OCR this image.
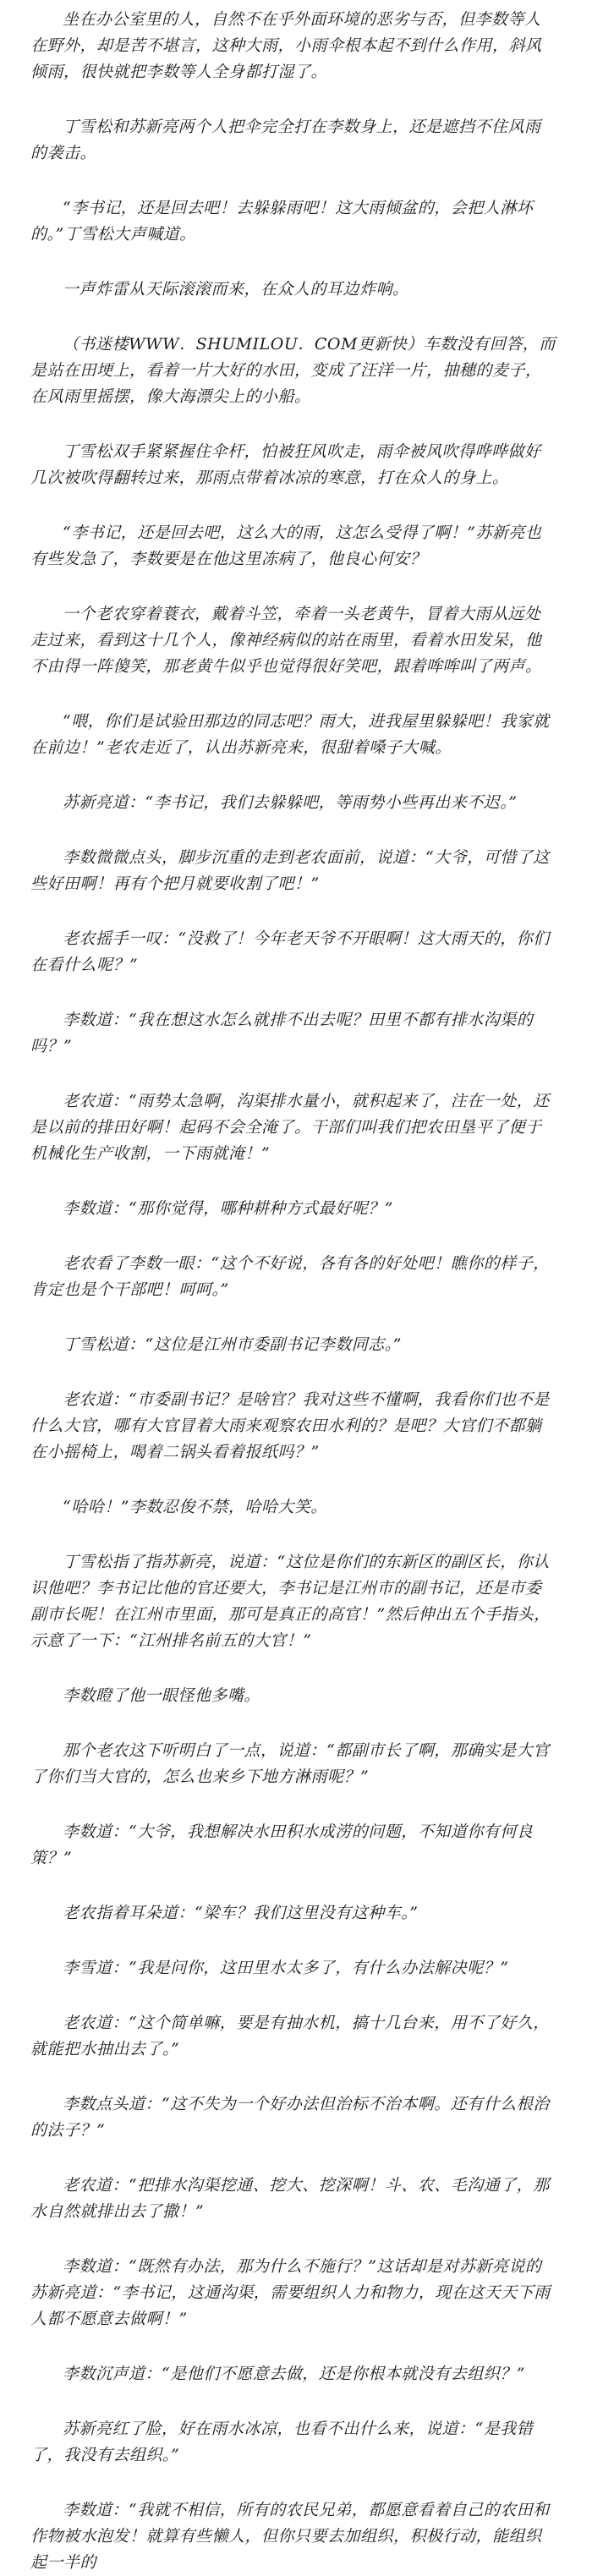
坐在办公室里的人，自然不在乎外面环境的恶劣与否，但李数等人在野外，却是苦不堪言，这种大雨，小雨伞根本起不到什么作用，斜风倾雨，很快就把李数等人全身都打湿了。

丁雪松和苏新亮两个人把伞完全打在李数身上，还是遮挡不住风雨的袭击。

“李书记，还是回去吧！去躲躲雨吧！这大雨倾盆的，会把人淋坏的。”丁雪松大声喊道。

一声炸雷从天际滚滚而来，在众人的耳边炸响。

（书迷楼WWW．SHUMILOU．COM更新快）车数没有回答，而是站在田埂上，看着一片大好的水田，变成了汪洋一片，抽穗的麦子，在风雨里摇摆，像大海漂尖上的小船。

丁雪松双手紧紧握住伞杆，怕被狂风吹走，雨伞被风吹得哗哗做好几次被吹得翻转过来，那雨点带着冰凉的寒意，打在众人的身上。

“李书记，还是回去吧，这么大的雨，这怎么受得了啊！”苏新亮也有些发急了，李数要是在他这里冻病了，他良心何安？

一个老农穿着蓑衣，戴着斗笠，牵着一头老黄牛，冒着大雨从远处走过来，看到这十几个人，像神经病似的站在雨里，看着水田发呆，他不由得一阵傻笑，那老黄牛似乎也觉得很好笑吧，跟着哞哞叫了两声。

“喂，你们是试验田那边的同志吧？雨大，进我屋里躲躲吧！我家就在前边！”老农走近了，认出苏新亮来，很甜着嗓子大喊。

苏新亮道：“李书记，我们去躲躲吧，等雨势小些再出来不迟。”

李数微微点头，脚步沉重的走到老农面前，说道：“大爷，可惜了这些好田啊！再有个把月就要收割了吧！”

老农摇手一叹：“没救了！今年老天爷不开眼啊！这大雨天的，你们在看什么呢？”

李数道：“我在想这水怎么就排不出去呢？田里不都有排水沟渠的吗？”

老农道：“雨势太急啊，沟渠排水量小，就积起来了，注在一处，还是以前的排田好啊！起码不会全淹了。干部们叫我们把农田垦平了便于机械化生产收割，一下雨就淹！”

李数道：“那你觉得，哪种耕种方式最好呢？”

老农看了李数一眼：“这个不好说，各有各的好处吧！瞧你的样子，肯定也是个干部吧！呵呵。”

丁雪松道：“这位是江州市委副书记李数同志。”

老农道：“市委副书记？是啥官？我对这些不懂啊，我看你们也不是什么大官，哪有大官冒着大雨来观察农田水利的？是吧？大官们不都躺在小摇椅上，喝着二锅头看着报纸吗？”

“哈哈！”李数忍俊不禁，哈哈大笑。

丁雪松指了指苏新亮，说道：“这位是你们的东新区的副区长，你认识他吧？李书记比他的官还要大，李书记是江州市的副书记，还是市委副市长呢！在江州市里面，那可是真正的高官！”然后伸出五个手指头，示意了一下：“江州排名前五的大官！”

李数瞪了他一眼怪他多嘴。

那个老农这下听明白了一点，说道：“都副市长了啊，那确实是大官了你们当大官的，怎么也来乡下地方淋雨呢？”

李数道：“大爷，我想解决水田积水成涝的问题，不知道你有何良策？”

老农指着耳朵道：“梁车？我们这里没有这种车。”

李雪道：“我是问你，这田里水太多了，有什么办法解决呢？”

老农道：“这个简单嘛，要是有抽水机，搞十几台来，用不了好久，就能把水抽出去了。”

李数点头道：“这不失为一个好办法但治标不治本啊。还有什么根治的法子？”

老农道：“把排水沟渠挖通、挖大、挖深啊！斗、农、毛沟通了，那水自然就排出去了撒！”

李数道：“既然有办法，那为什么不施行？”这话却是对苏新亮说的苏新亮道：“李书记，这通沟渠，需要组织人力和物力，现在这天天下雨人都不愿意去做啊！”

李数沉声道：“是他们不愿意去做，还是你根本就没有去组织？”

苏新亮红了脸，好在雨水冰凉，也看不出什么来，说道：“是我错了，我没有去组织。”

李数道：“我就不相信，所有的农民兄弟，都愿意看着自己的农田和作物被水泡发！就算有些懒人，但你只要去加组织，积极行动，能组织起一半的
